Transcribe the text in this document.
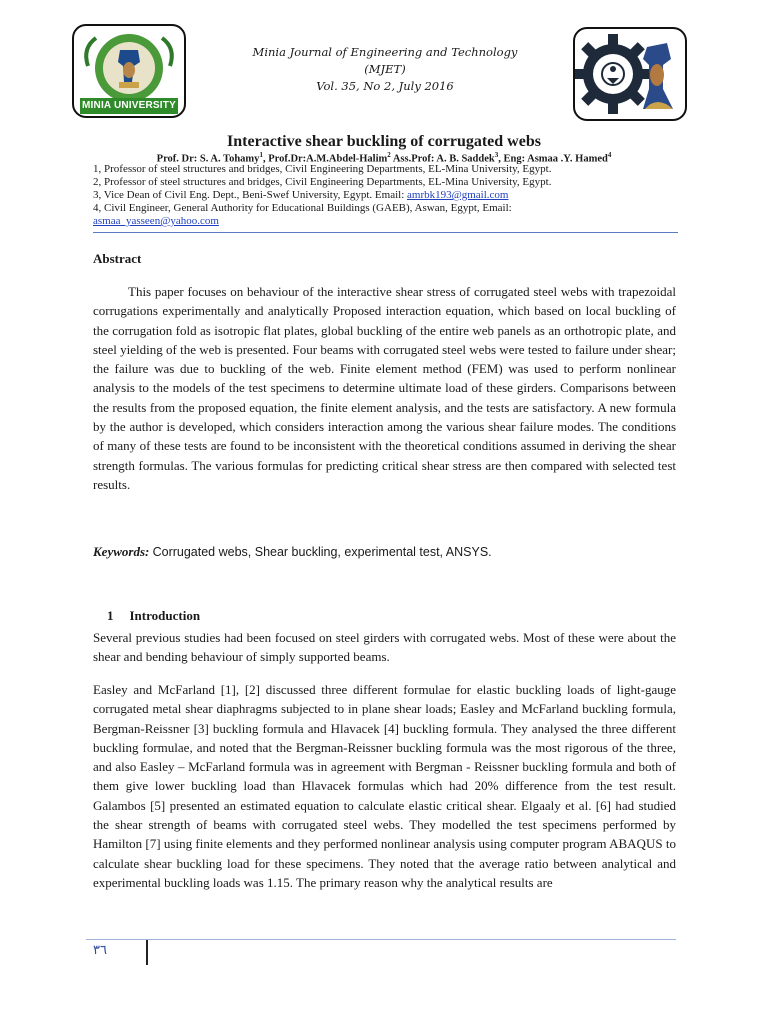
MINIA UNIVERSITY
Minia Journal of Engineering and Technology
(MJET)
Vol. 35, No 2, July 2016
Interactive shear buckling of corrugated webs
Prof. Dr: S. A. Tohamy$^1$, Prof.Dr:A.M.Abdel-Halim$^2$ Ass.Prof: A. B. Saddek$^3$, Eng: Asmaa .Y. Hamed$^4$
1, Professor of steel structures and bridges, Civil Engineering Departments, EL-Mina University, Egypt.
2, Professor of steel structures and bridges, Civil Engineering Departments, EL-Mina University, Egypt.
3, Vice Dean of Civil Eng. Dept., Beni-Swef University, Egypt. Email: amrbk193@gmail.com
4, Civil Engineer, General Authority for Educational Buildings (GAEB), Aswan, Egypt, Email:
asmaa_yasseen@yahoo.com
Abstract

This paper focuses on behaviour of the interactive shear stress of corrugated steel webs with trapezoidal corrugations experimentally and analytically Proposed interaction equation, which based on local buckling of the corrugation fold as isotropic flat plates, global buckling of the entire web panels as an orthotropic plate, and steel yielding of the web is presented. Four beams with corrugated steel webs were tested to failure under shear; the failure was due to buckling of the web. Finite element method (FEM) was used to perform nonlinear analysis to the models of the test specimens to determine ultimate load of these girders. Comparisons between the results from the proposed equation, the finite element analysis, and the tests are satisfactory. A new formula by the author is developed, which considers interaction among the various shear failure modes. The conditions of many of these tests are found to be inconsistent with the theoretical conditions assumed in deriving the shear strength formulas. The various formulas for predicting critical shear stress are then compared with selected test results.

Keywords: Corrugated webs, Shear buckling, experimental test, ANSYS.
1 Introduction

Several previous studies had been focused on steel girders with corrugated webs. Most of these were about the shear and bending behaviour of simply supported beams.

Easley and McFarland [1], [2] discussed three different formulae for elastic buckling loads of light-gauge corrugated metal shear diaphragms subjected to in plane shear loads; Easley and McFarland buckling formula, Bergman-Reissner [3] buckling formula and Hlavacek [4] buckling formula. They analysed the three different buckling formulae, and noted that the Bergman-Reissner buckling formula was the most rigorous of the three, and also Easley – McFarland formula was in agreement with Bergman - Reissner buckling formula and both of them give lower buckling load than Hlavacek formulas which had 20% difference from the test result. Galambos [5] presented an estimated equation to calculate elastic critical shear. Elgaaly et al. [6] had studied the shear strength of beams with corrugated steel webs. They modelled the test specimens performed by Hamilton [7] using finite elements and they performed nonlinear analysis using computer program ABAQUS to calculate shear buckling load for these specimens. They noted that the average ratio between analytical and experimental buckling loads was 1.15. The primary reason why the analytical results are

٣٦
